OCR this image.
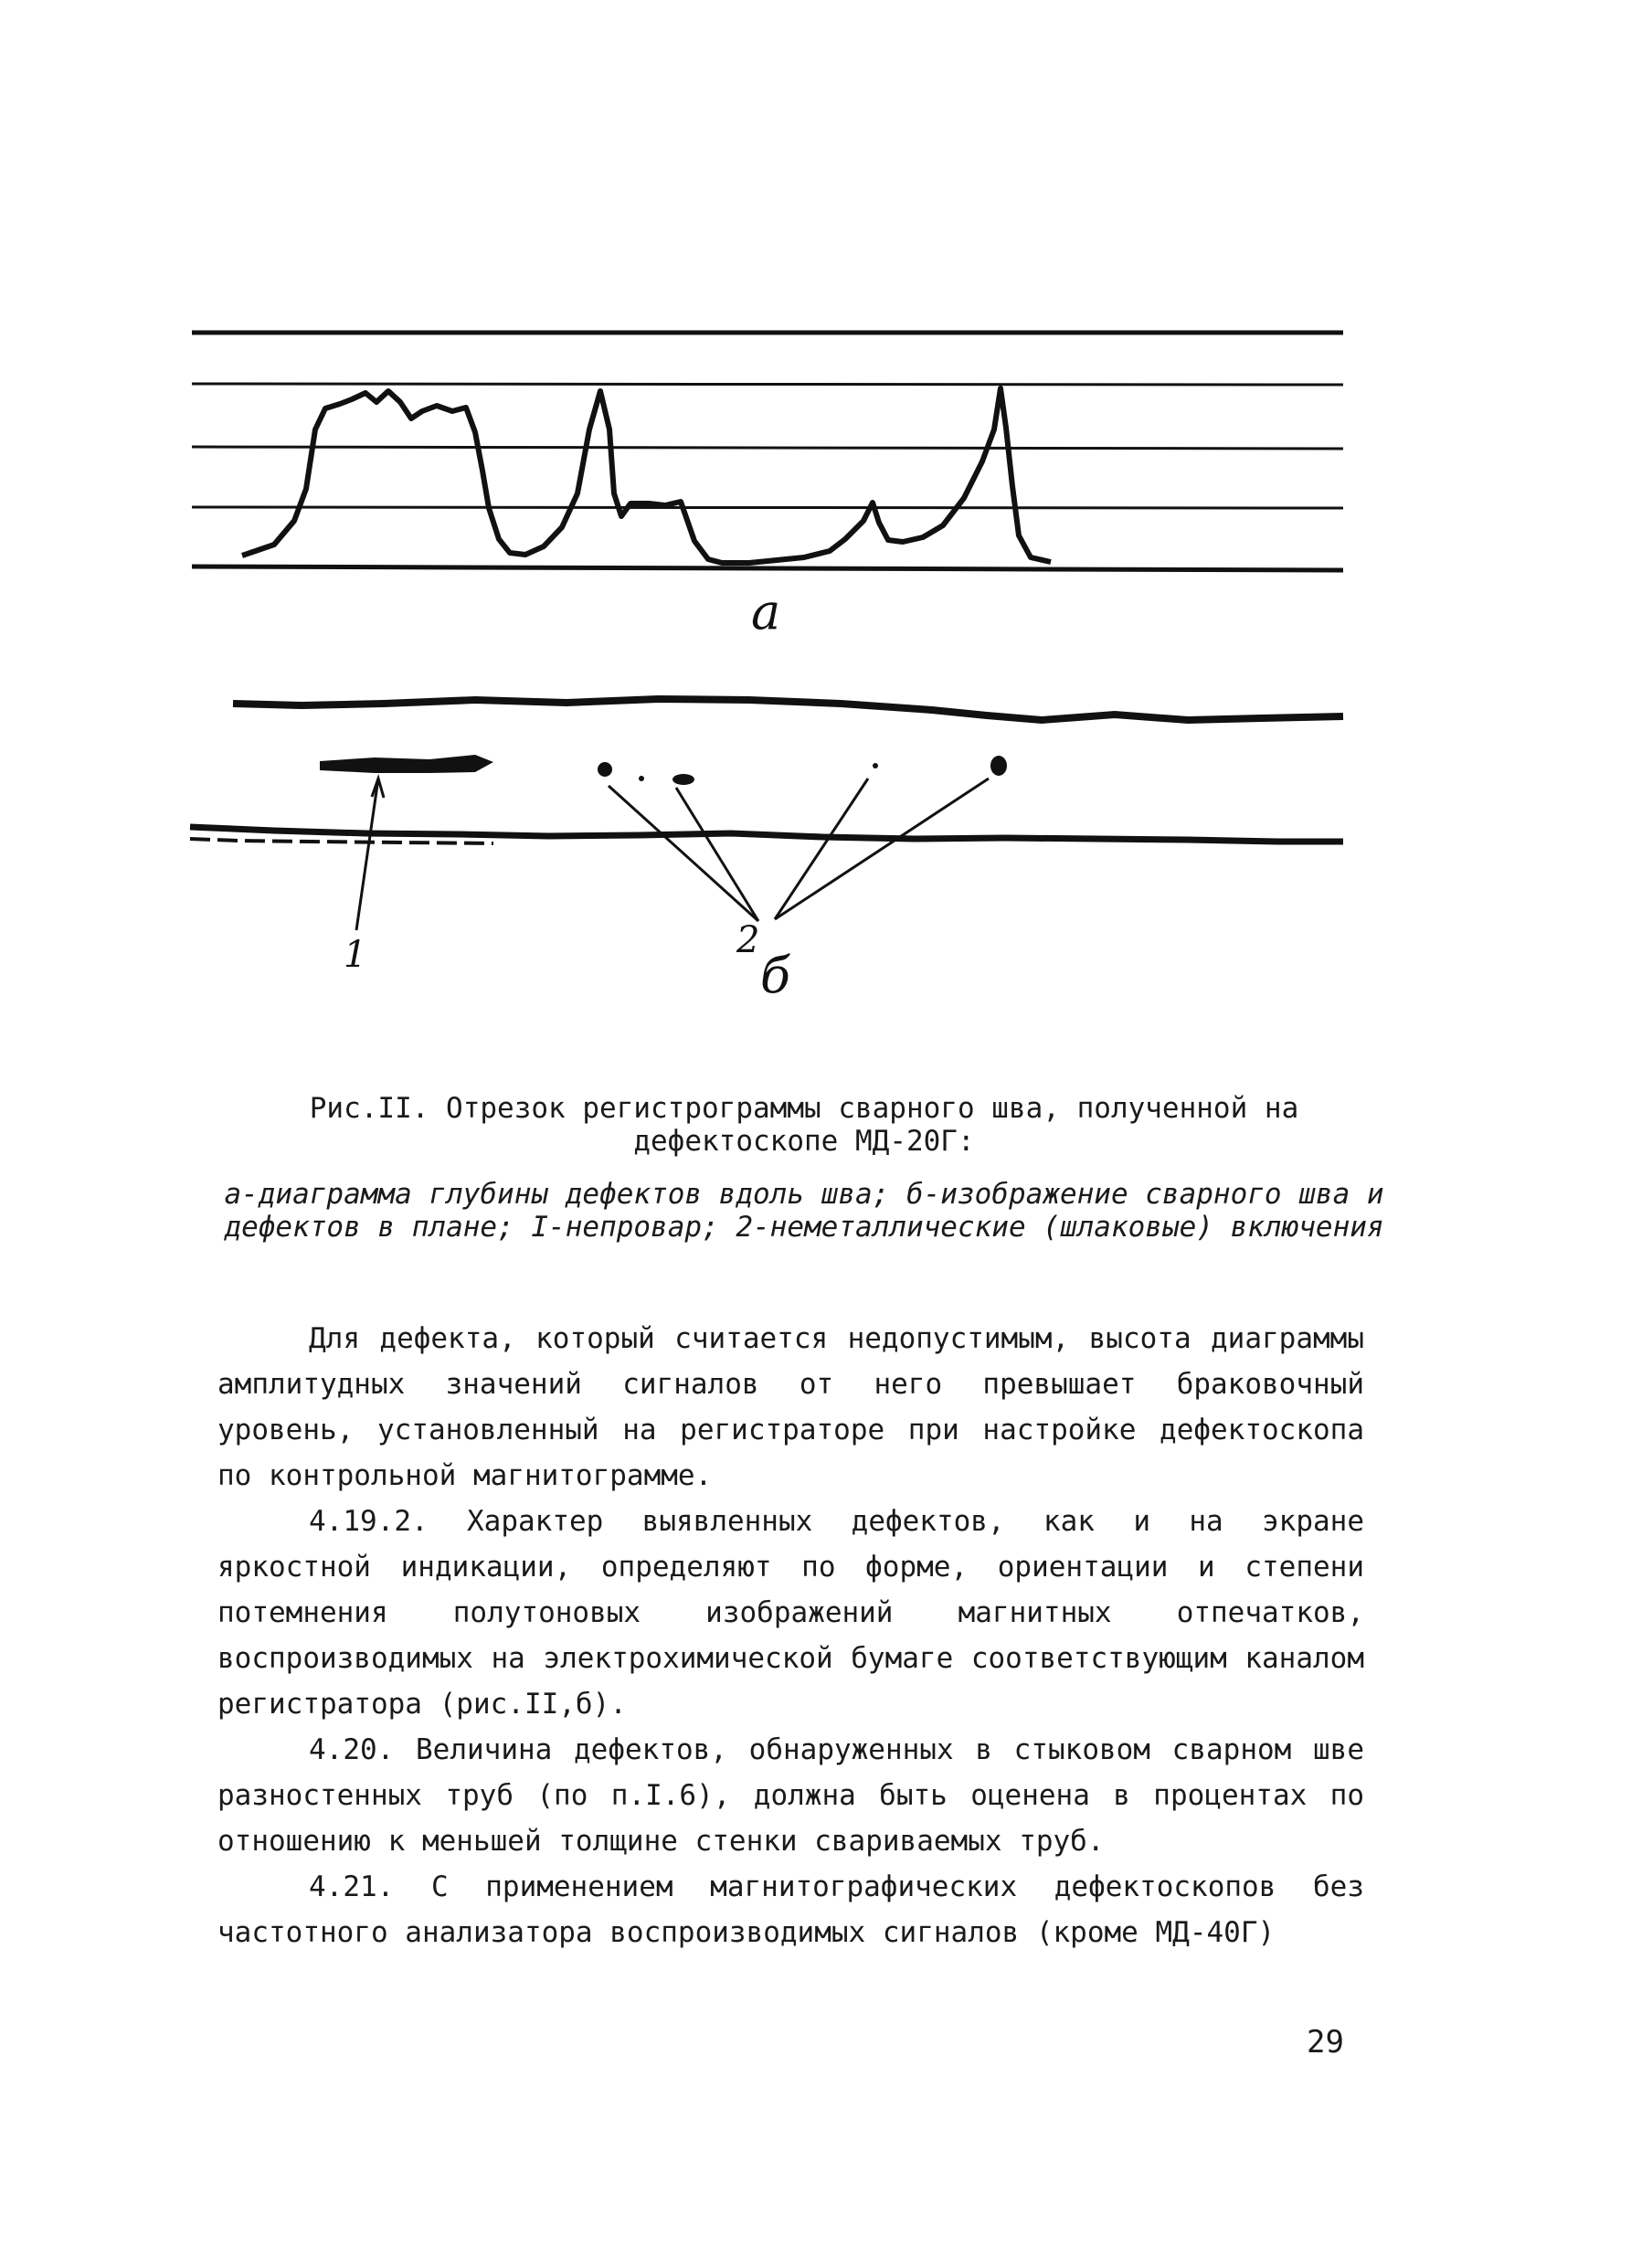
а
1	2
б

Рис.II. Отрезок регистрограммы сварного шва, полученной на дефектоскопе МД-20Г:

а-диаграмма глубины дефектов вдоль шва; б-изображение сварного шва и дефектов в плане; I-непровар; 2-неметаллические (шлаковые) включения

Для дефекта, который считается недопустимым, высота диаграммы амплитудных значений сигналов от него превышает браковочный уровень, установленный на регистраторе при настройке дефектоскопа по контрольной магнитограмме.

4.19.2. Характер выявленных дефектов, как и на экране яркостной индикации, определяют по форме, ориентации и степени потемнения полутоновых изображений магнитных отпечатков, воспроизводимых на электрохимической бумаге соответствующим каналом регистратора (рис.II,б).

4.20. Величина дефектов, обнаруженных в стыковом сварном шве разностенных труб (по п.I.6), должна быть оценена в процентах по отношению к меньшей толщине стенки свариваемых труб.

4.21. С применением магнитографических дефектоскопов без частотного анализатора воспроизводимых сигналов (кроме МД-40Г)

29
